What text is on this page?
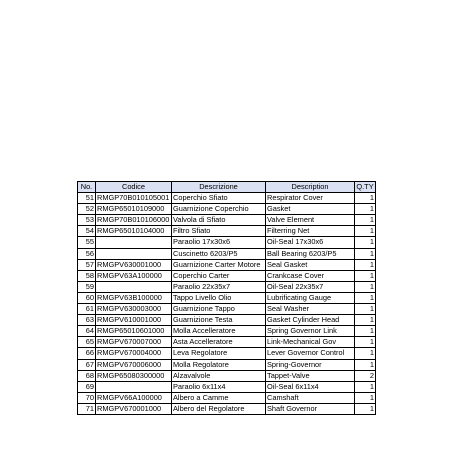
No.	Codice	Descrizione	Description	Q.TY
51	RMGP70B010105001	Coperchio Sfiato	Respirator Cover	1
52	RMGP65010109000	Guarnizione Coperchio	Gasket	1
53	RMGP70B010106000	Valvola di Sfiato	Valve Element	1
54	RMGP65010104000	Filtro Sfiato	Filterring Net	1
55		Paraolio 17x30x6	Oil-Seal 17x30x6	1
56		Cuscinetto 6203/P5	Ball Bearing 6203/P5	1
57	RMGPV630001000	Guarnizione Carter Motore	Seal Gasket	1
58	RMGPV63A100000	Coperchio Carter	Crankcase Cover	1
59		Paraolio 22x35x7	Oil-Seal 22x35x7	1
60	RMGPV63B100000	Tappo Livello Olio	Lubrificating Gauge	1
61	RMGPV630003000	Guarnizione Tappo	Seal Washer	1
63	RMGPV610001000	Guarnizione Testa	Gasket Cylinder Head	1
64	RMGP65010601000	Molla Accelleratore	Spring Governor Link	1
65	RMGPV670007000	Asta Accelleratore	Link-Mechanical Gov	1
66	RMGPV670004000	Leva Regolatore	Lever Governor Control	1
67	RMGPV670006000	Molla Regolatore	Spring-Governor	1
68	RMGP65080300000	Alzavalvole	Tappet-Valve	2
69		Paraolio 6x11x4	Oil-Seal 6x11x4	1
70	RMGPV66A100000	Albero a Camme	Camshaft	1
71	RMGPV670001000	Albero del Regolatore	Shaft Governor	1
